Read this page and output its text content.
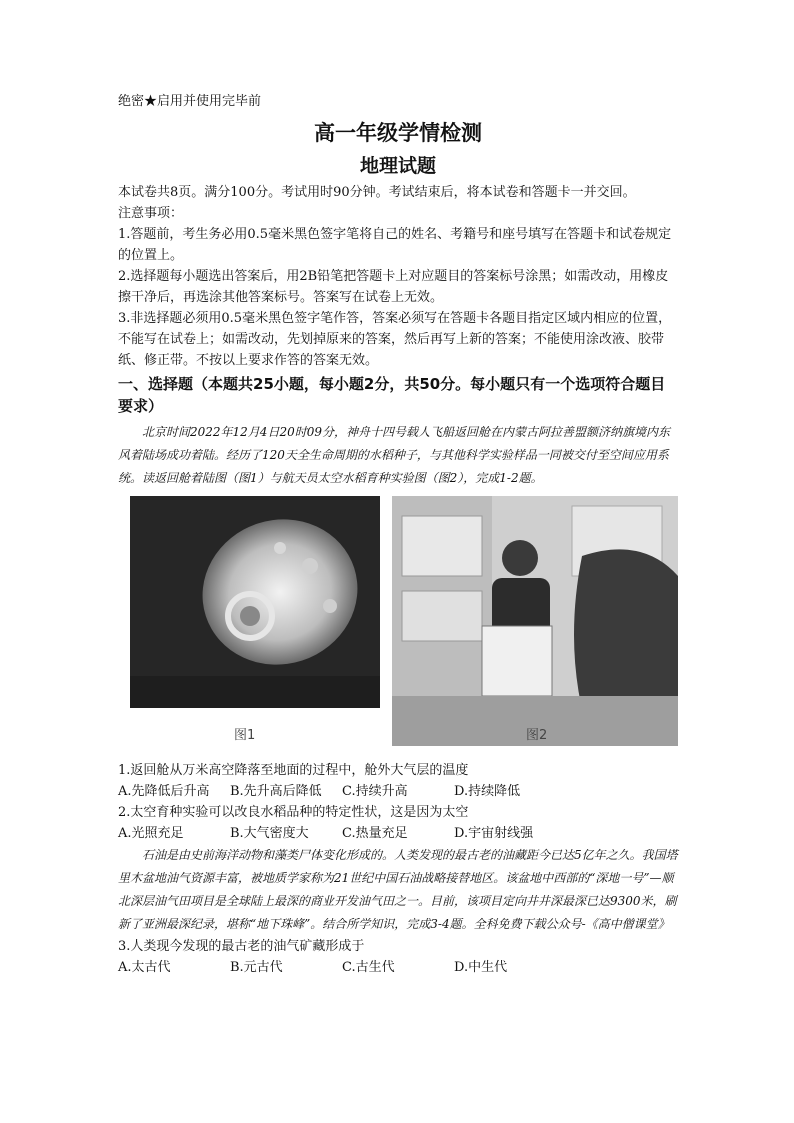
绝密★启用并使用完毕前
高一年级学情检测
地理试题

本试卷共8页。满分100分。考试用时90分钟。考试结束后，将本试卷和答题卡一并交回。

注意事项：

1.答题前，考生务必用0.5毫米黑色签字笔将自己的姓名、考籍号和座号填写在答题卡和试卷规定的位置上。

2.选择题每小题选出答案后，用2B铅笔把答题卡上对应题目的答案标号涂黑；如需改动，用橡皮擦干净后，再选涂其他答案标号。答案写在试卷上无效。

3.非选择题必须用0.5毫米黑色签字笔作答，答案必须写在答题卡各题目指定区域内相应的位置，不能写在试卷上；如需改动，先划掉原来的答案，然后再写上新的答案；不能使用涂改液、胶带纸、修正带。不按以上要求作答的答案无效。

一、选择题（本题共25小题，每小题2分，共50分。每小题只有一个选项符合题目要求）

北京时间2022年12月4日20时09分，神舟十四号载人飞船返回舱在内蒙古阿拉善盟额济纳旗境内东风着陆场成功着陆。经历了120天全生命周期的水稻种子，与其他科学实验样品一同被交付至空间应用系统。读返回舱着陆图（图1）与航天员太空水稻育种实验图（图2），完成1-2题。

图1	图2

1.返回舱从万米高空降落至地面的过程中，舱外大气层的温度

A.先降低后升高	B.先升高后降低	C.持续升高	D.持续降低

2.太空育种实验可以改良水稻品种的特定性状，这是因为太空

A.光照充足	B.大气密度大	C.热量充足	D.宇宙射线强

石油是由史前海洋动物和藻类尸体变化形成的。人类发现的最古老的油藏距今已达5亿年之久。我国塔里木盆地油气资源丰富，被地质学家称为21世纪中国石油战略接替地区。该盆地中西部的“深地一号”—顺北深层油气田项目是全球陆上最深的商业开发油气田之一。目前，该项目定向井井深最深已达9300米，刷新了亚洲最深纪录，堪称“地下珠峰”。结合所学知识，完成3-4题。全科免费下载公众号-《高中僧课堂》

3.人类现今发现的最古老的油气矿藏形成于

A.太古代	B.元古代	C.古生代	D.中生代
